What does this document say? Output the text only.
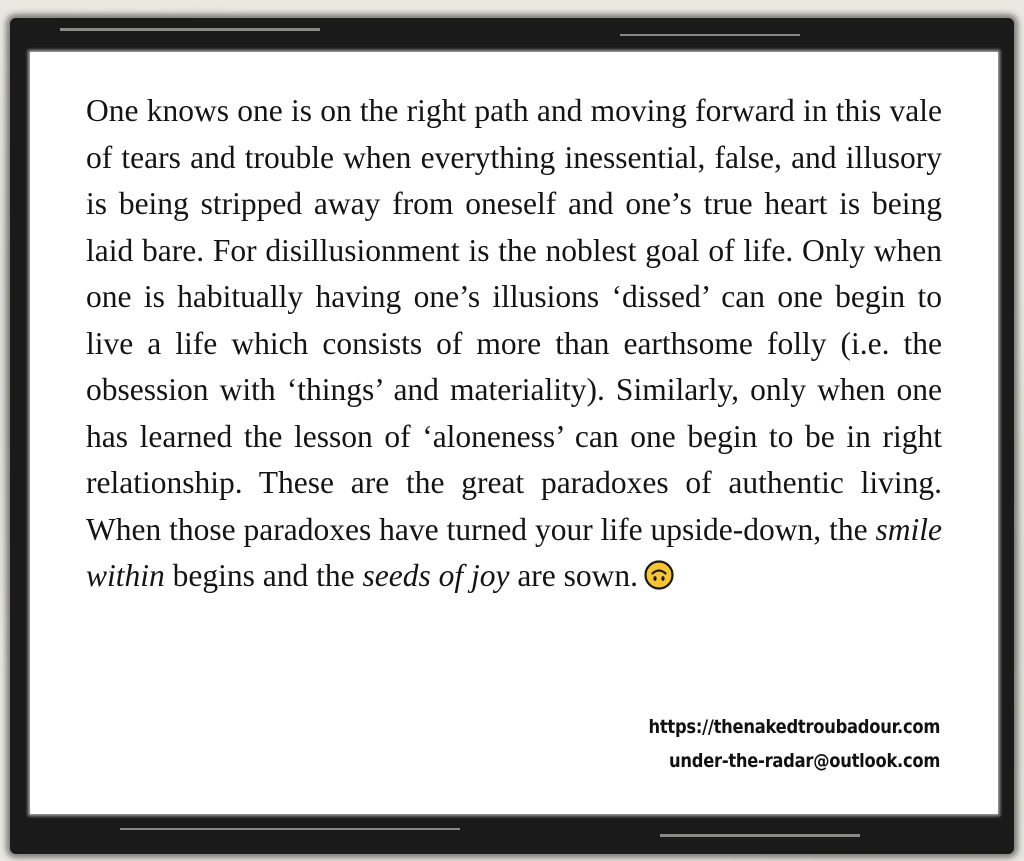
One knows one is on the right path and moving forward in this vale of tears and trouble when everything inessential, false, and illusory is being stripped away from oneself and one’s true heart is being laid bare. For disillusionment is the noblest goal of life. Only when one is habitually having one’s illusions ‘dissed’ can one begin to live a life which consists of more than earthsome folly (i.e. the obsession with ‘things’ and materiality). Similarly, only when one has learned the lesson of ‘aloneness’ can one begin to be in right relationship. These are the great paradoxes of authentic living. When those paradoxes have turned your life upside-down, the smile within begins and the seeds of joy are sown.

https://thenakedtroubadour.com
under-the-radar@outlook.com
